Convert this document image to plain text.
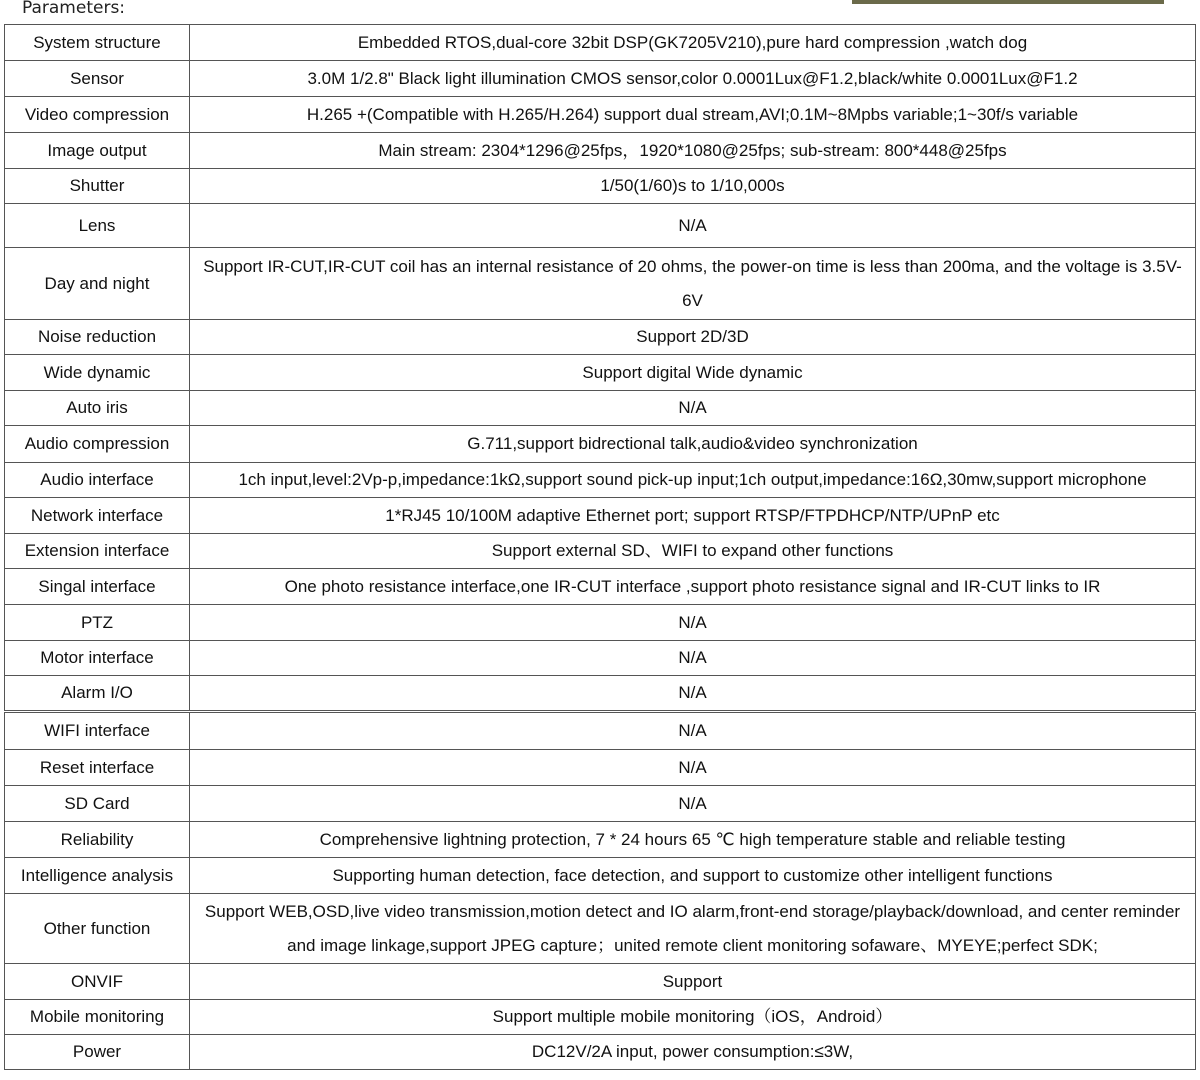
Parameters:
System structure	Embedded RTOS,dual-core 32bit DSP(GK7205V210),pure hard compression ,watch dog
Sensor	3.0M 1/2.8" Black light illumination CMOS sensor,color 0.0001Lux@F1.2,black/white 0.0001Lux@F1.2
Video compression	H.265 +(Compatible with H.265/H.264) support dual stream,AVI;0.1M~8Mpbs variable;1~30f/s variable
Image output	Main stream: 2304*1296@25fps，1920*1080@25fps; sub-stream: 800*448@25fps
Shutter	1/50(1/60)s to 1/10,000s
Lens	N/A
Day and night	Support IR-CUT,IR-CUT coil has an internal resistance of 20 ohms, the power-on time is less than 200ma, and the voltage is 3.5V-6V
Noise reduction	Support 2D/3D
Wide dynamic	Support digital Wide dynamic
Auto iris	N/A
Audio compression	G.711,support bidrectional talk,audio&video synchronization
Audio interface	1ch input,level:2Vp-p,impedance:1kΩ,support sound pick-up input;1ch output,impedance:16Ω,30mw,support microphone
Network interface	1*RJ45 10/100M adaptive Ethernet port; support RTSP/FTPDHCP/NTP/UPnP etc
Extension interface	Support external SD、WIFI to expand other functions
Singal interface	One photo resistance interface,one IR-CUT interface ,support photo resistance signal and IR-CUT links to IR
PTZ	N/A
Motor interface	N/A
Alarm I/O	N/A
WIFI interface	N/A
Reset interface	N/A
SD Card	N/A
Reliability	Comprehensive lightning protection, 7 * 24 hours 65 ℃ high temperature stable and reliable testing
Intelligence analysis	Supporting human detection, face detection, and support to customize other intelligent functions
Other function	Support WEB,OSD,live video transmission,motion detect and IO alarm,front-end storage/playback/download, and center reminder and image linkage,support JPEG capture；united remote client monitoring sofaware、MYEYE;perfect SDK;
ONVIF	Support
Mobile monitoring	Support multiple mobile monitoring（iOS，Android）
Power	DC12V/2A input, power consumption:≤3W,
